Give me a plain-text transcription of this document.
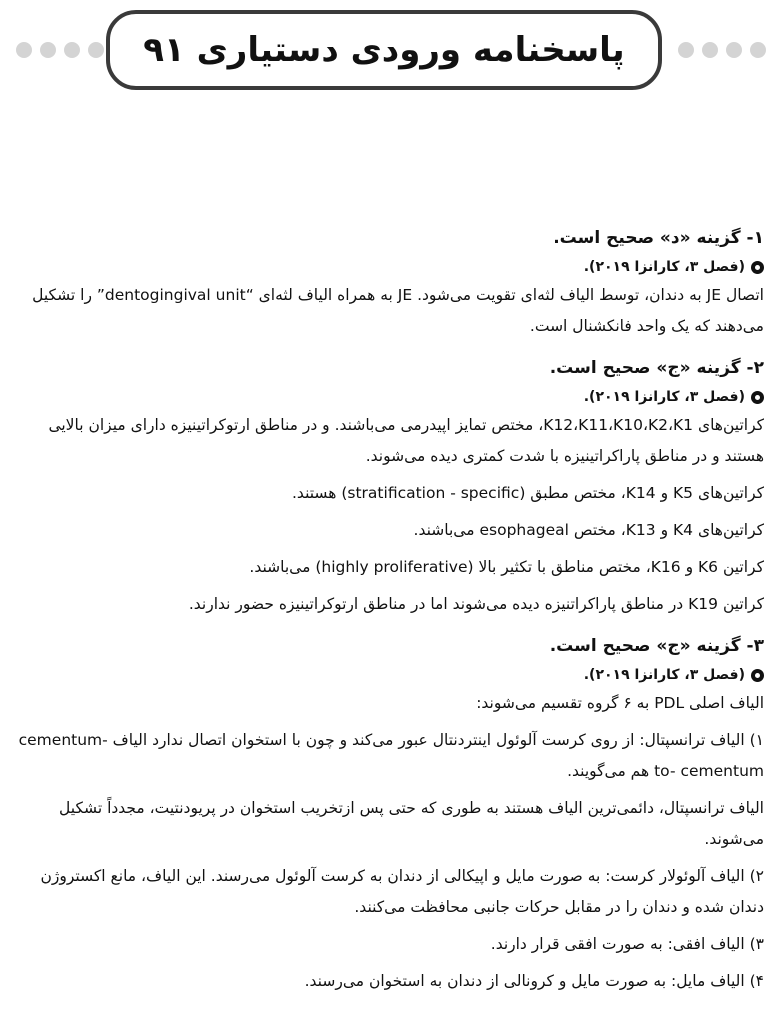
پاسخنامه ورودی دستیاری ۹۱

۱- گزینه «د» صحیح است.

(فصل ۳، کارانزا ۲۰۱۹).

اتصال JE به دندان، توسط الیاف لثه‌ای تقویت می‌شود. JE به همراه الیاف لثه‌ای “dentogingival unit” را تشکیل می‌دهند که یک واحد فانکشنال است.

۲- گزینه «ج» صحیح است.

(فصل ۳، کارانزا ۲۰۱۹).

کراتین‌های K12،K11،K10،K2،K1، مختص تمایز اپیدرمی می‌باشند. و در مناطق ارتوکراتینیزه دارای میزان بالایی هستند و در مناطق پاراکراتینیزه با شدت کمتری دیده می‌شوند.

کراتین‌های K5 و K14، مختص مطبق (stratification - specific) هستند.

کراتین‌های K4 و K13، مختص esophageal می‌باشند.

کراتین K6 و K16، مختص مناطق با تکثیر بالا (highly proliferative) می‌باشند.

کراتین K19 در مناطق پاراکراتنیزه دیده می‌شوند اما در مناطق ارتوکراتینیزه حضور ندارند.

۳- گزینه «ج» صحیح است.

(فصل ۳، کارانزا ۲۰۱۹).

الیاف اصلی PDL به ۶ گروه تقسیم می‌شوند:

۱) الیاف ترانسپتال: از روی کرست آلوئول اینتردنتال عبور می‌کند و چون با استخوان اتصال ندارد الیاف -cementum to- cementum هم می‌گویند.

الیاف ترانسپتال، دائمی‌ترین الیاف هستند به طوری که حتی پس ازتخریب استخوان در پریودنتیت، مجدداً تشکیل می‌شوند.

۲) الیاف آلوئولار کرست: به صورت مایل و اپیکالی از دندان به کرست آلوئول می‌رسند. این الیاف، مانع اکستروژن دندان شده و دندان را در مقابل حرکات جانبی محافظت می‌کنند.

۳) الیاف افقی: به صورت افقی قرار دارند.

۴) الیاف مایل: به صورت مایل و کرونالی از دندان به استخوان می‌رسند.
